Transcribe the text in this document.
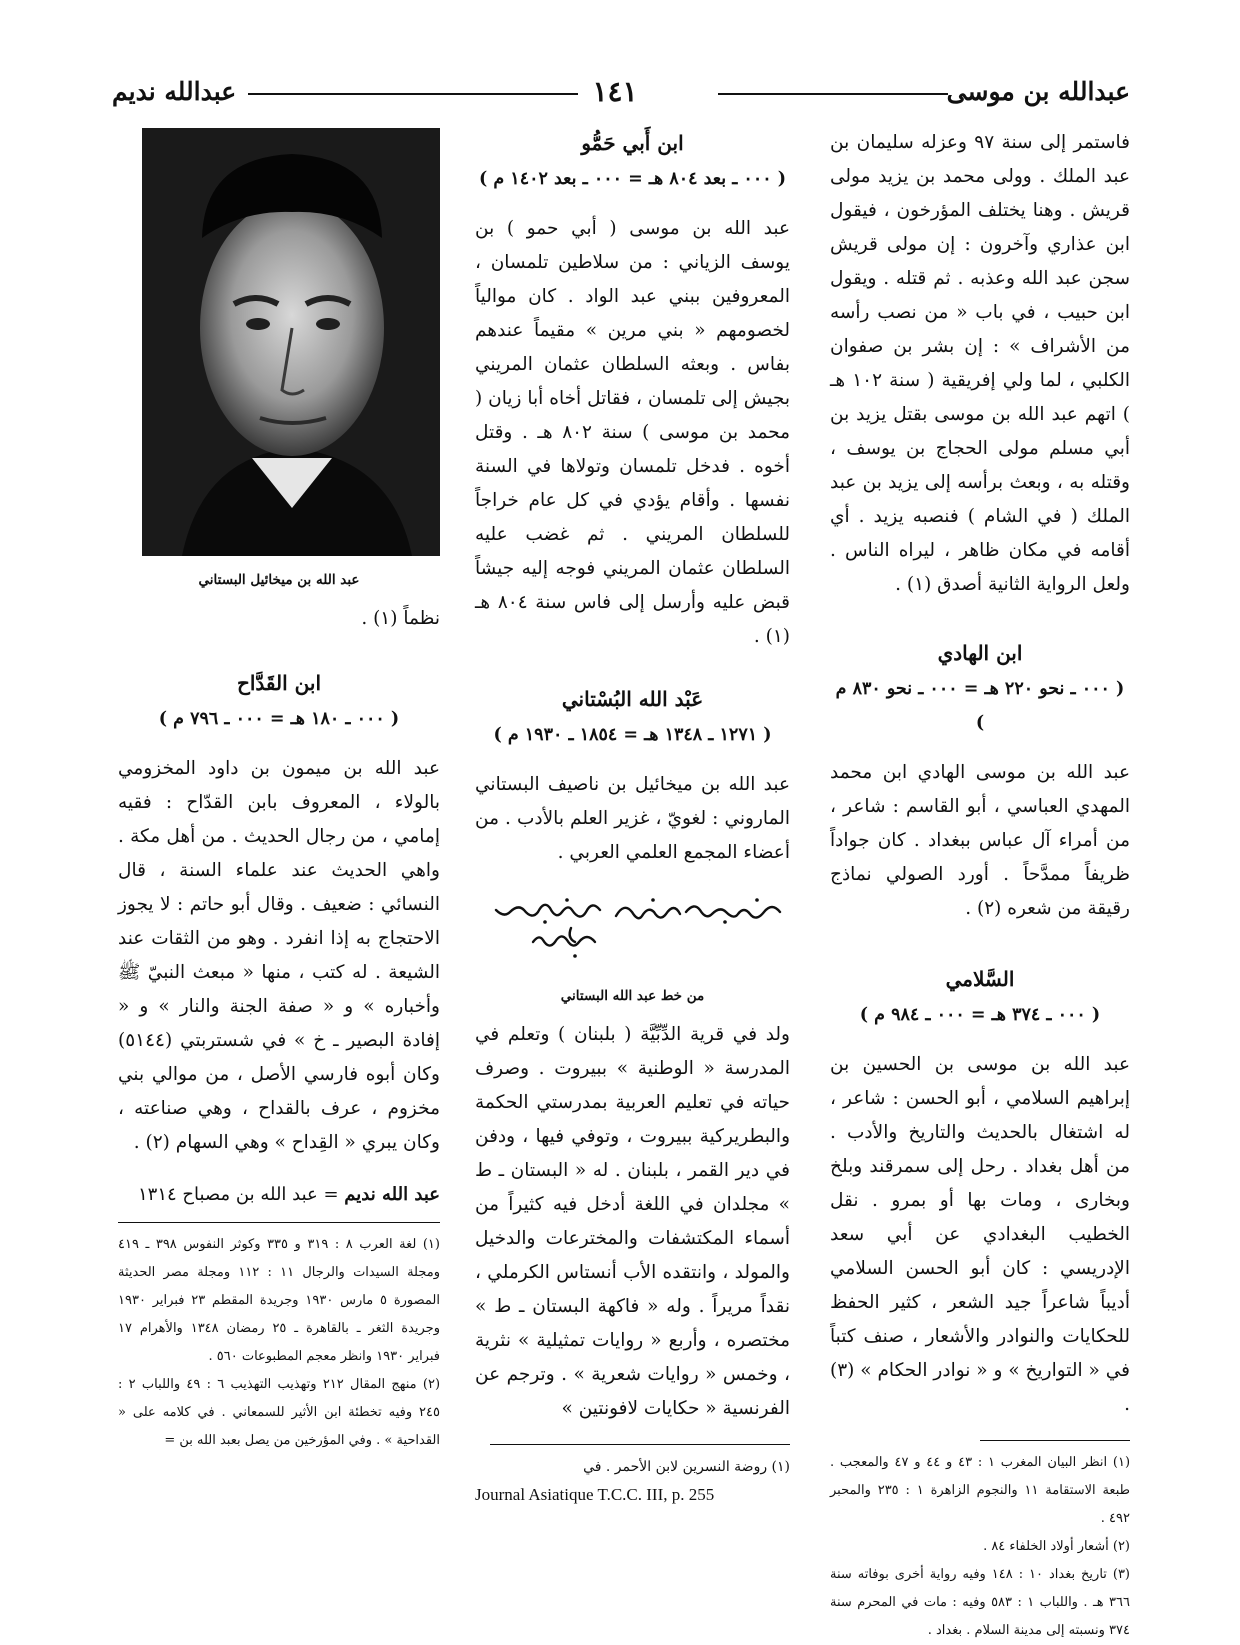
عبدالله بن موسى
١٤١
عبدالله نديم

فاستمر إلى سنة ٩٧ وعزله سليمان بن عبد الملك . وولى محمد بن يزيد مولى قريش . وهنا يختلف المؤرخون ، فيقول ابن عذاري وآخرون : إن مولى قريش سجن عبد الله وعذبه . ثم قتله . ويقول ابن حبيب ، في باب « من نصب رأسه من الأشراف » : إن بشر بن صفوان الكلبي ، لما ولي إفريقية ( سنة ١٠٢ هـ ) اتهم عبد الله بن موسى بقتل يزيد بن أبي مسلم مولى الحجاج بن يوسف ، وقتله به ، وبعث برأسه إلى يزيد بن عبد الملك ( في الشام ) فنصبه يزيد . أي أقامه في مكان ظاهر ، ليراه الناس . ولعل الرواية الثانية أصدق (١) .

ابن الهادي
( ٠٠٠ ـ نحو ٢٢٠ هـ = ٠٠٠ ـ نحو ٨٣٠ م )

عبد الله بن موسى الهادي ابن محمد المهدي العباسي ، أبو القاسم : شاعر ، من أمراء آل عباس ببغداد . كان جواداً ظريفاً ممدَّحاً . أورد الصولي نماذج رقيقة من شعره (٢) .

السَّلامي
( ٠٠٠ ـ ٣٧٤ هـ = ٠٠٠ ـ ٩٨٤ م )

عبد الله بن موسى بن الحسين بن إبراهيم السلامي ، أبو الحسن : شاعر ، له اشتغال بالحديث والتاريخ والأدب . من أهل بغداد . رحل إلى سمرقند وبلخ وبخارى ، ومات بها أو بمرو . نقل الخطيب البغدادي عن أبي سعد الإدريسي : كان أبو الحسن السلامي أديباً شاعراً جيد الشعر ، كثير الحفظ للحكايات والنوادر والأشعار ، صنف كتباً في « التواريخ » و « نوادر الحكام » (٣) .

(١) انظر البيان المغرب ١ : ٤٣ و ٤٤ و ٤٧ والمعجب . طبعة الاستقامة ١١ والنجوم الزاهرة ١ : ٢٣٥ والمحبر ٤٩٢ .

(٢) أشعار أولاد الخلفاء ٨٤ .

(٣) تاريخ بغداد ١٠ : ١٤٨ وفيه رواية أخرى بوفاته سنة ٣٦٦ هـ . واللباب ١ : ٥٨٣ وفيه : مات في المحرم سنة ٣٧٤ ونسبته إلى مدينة السلام . بغداد .

ابن أَبي حَمُّو
( ٠٠٠ ـ بعد ٨٠٤ هـ = ٠٠٠ ـ بعد ١٤٠٢ م )

عبد الله بن موسى ( أبي حمو ) بن يوسف الزياني : من سلاطين تلمسان ، المعروفين ببني عبد الواد . كان موالياً لخصومهم « بني مرين » مقيماً عندهم بفاس . وبعثه السلطان عثمان المريني بجيش إلى تلمسان ، فقاتل أخاه أبا زيان ( محمد بن موسى ) سنة ٨٠٢ هـ . وقتل أخوه . فدخل تلمسان وتولاها في السنة نفسها . وأقام يؤدي في كل عام خراجاً للسلطان المريني . ثم غضب عليه السلطان عثمان المريني فوجه إليه جيشاً قبض عليه وأرسل إلى فاس سنة ٨٠٤ هـ (١) .

عَبْد الله البُسْتاني
( ١٢٧١ ـ ١٣٤٨ هـ = ١٨٥٤ ـ ١٩٣٠ م )

عبد الله بن ميخائيل بن ناصيف البستاني الماروني : لغويّ ، غزير العلم بالأدب . من أعضاء المجمع العلمي العربي .

من خط عبد الله البستاني

ولد في قرية الدِّبِّيَّة ( بلبنان ) وتعلم في المدرسة « الوطنية » ببيروت . وصرف حياته في تعليم العربية بمدرستي الحكمة والبطريركية ببيروت ، وتوفي فيها ، ودفن في دير القمر ، بلبنان . له « البستان ـ ط » مجلدان في اللغة أدخل فيه كثيراً من أسماء المكتشفات والمخترعات والدخيل والمولد ، وانتقده الأب أنستاس الكرملي ، نقداً مريراً . وله « فاكهة البستان ـ ط » مختصره ، وأربع « روايات تمثيلية » نثرية ، وخمس « روايات شعرية » . وترجم عن الفرنسية « حكايات لافونتين »

(١) روضة النسرين لابن الأحمر . في

Journal Asiatique T.C.C. III, p. 255

عبد الله بن ميخائيل البستاني

نظماً (١) .

ابن القَدَّاح
( ٠٠٠ ـ ١٨٠ هـ = ٠٠٠ ـ ٧٩٦ م )

عبد الله بن ميمون بن داود المخزومي بالولاء ، المعروف بابن القدّاح : فقيه إمامي ، من رجال الحديث . من أهل مكة . واهي الحديث عند علماء السنة ، قال النسائي : ضعيف . وقال أبو حاتم : لا يجوز الاحتجاج به إذا انفرد . وهو من الثقات عند الشيعة . له كتب ، منها « مبعث النبيّ ﷺ وأخباره » و « صفة الجنة والنار » و « إفادة البصير ـ خ » في شستربتي (٥١٤٤) وكان أبوه فارسي الأصل ، من موالي بني مخزوم ، عرف بالقداح ، وهي صناعته ، وكان يبري « القِداح » وهي السهام (٢) .

عبد الله نديم = عبد الله بن مصباح ١٣١٤

(١) لغة العرب ٨ : ٣١٩ و ٣٣٥ وكوثر النفوس ٣٩٨ ـ ٤١٩ ومجلة السيدات والرجال ١١ : ١١٢ ومجلة مصر الحديثة المصورة ٥ مارس ١٩٣٠ وجريدة المقطم ٢٣ فبراير ١٩٣٠ وجريدة الثغر ـ بالقاهرة ـ ٢٥ رمضان ١٣٤٨ والأهرام ١٧ فبراير ١٩٣٠ وانظر معجم المطبوعات ٥٦٠ .

(٢) منهج المقال ٢١٢ وتهذيب التهذيب ٦ : ٤٩ واللباب ٢ : ٢٤٥ وفيه تخطئة ابن الأثير للسمعاني . في كلامه على « القداحية » . وفي المؤرخين من يصل بعبد الله بن =
